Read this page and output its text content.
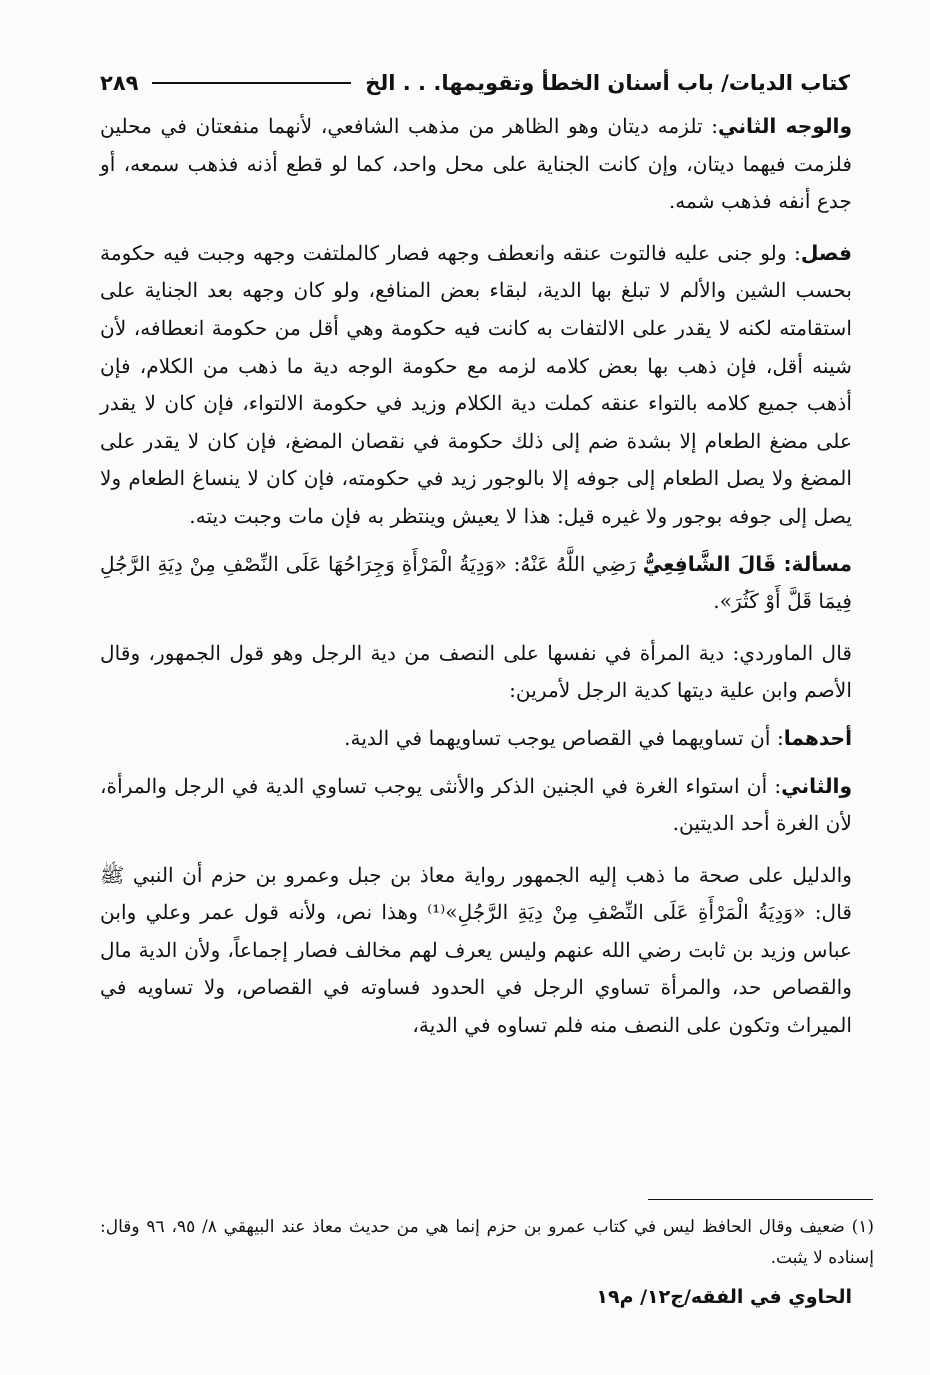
كتاب الديات/ باب أسنان الخطأ وتقويمها. . . الخ
٢٨٩

والوجه الثاني: تلزمه ديتان وهو الظاهر من مذهب الشافعي، لأنهما منفعتان في محلين فلزمت فيهما ديتان، وإن كانت الجناية على محل واحد، كما لو قطع أذنه فذهب سمعه، أو جدع أنفه فذهب شمه.

فصل: ولو جنى عليه فالتوت عنقه وانعطف وجهه فصار كالملتفت وجهه وجبت فيه حكومة بحسب الشين والألم لا تبلغ بها الدية، لبقاء بعض المنافع، ولو كان وجهه بعد الجناية على استقامته لكنه لا يقدر على الالتفات به كانت فيه حكومة وهي أقل من حكومة انعطافه، لأن شينه أقل، فإن ذهب بها بعض كلامه لزمه مع حكومة الوجه دية ما ذهب من الكلام، فإن أذهب جميع كلامه بالتواء عنقه كملت دية الكلام وزيد في حكومة الالتواء، فإن كان لا يقدر على مضغ الطعام إلا بشدة ضم إلى ذلك حكومة في نقصان المضغ، فإن كان لا يقدر على المضغ ولا يصل الطعام إلى جوفه إلا بالوجور زيد في حكومته، فإن كان لا ينساغ الطعام ولا يصل إلى جوفه بوجور ولا غيره قيل: هذا لا يعيش وينتظر به فإن مات وجبت ديته.

مسألة: قَالَ الشَّافِعِيُّ رَضِي اللَّهُ عَنْهُ: «وَدِيَةُ الْمَرْأَةِ وَجِرَاحُهَا عَلَى النِّصْفِ مِنْ دِيَةِ الرَّجُلِ فِيمَا قَلَّ أَوْ كَثُرَ».

قال الماوردي: دية المرأة في نفسها على النصف من دية الرجل وهو قول الجمهور، وقال الأصم وابن علية ديتها كدية الرجل لأمرين:

أحدهما: أن تساويهما في القصاص يوجب تساويهما في الدية.

والثاني: أن استواء الغرة في الجنين الذكر والأنثى يوجب تساوي الدية في الرجل والمرأة، لأن الغرة أحد الديتين.

والدليل على صحة ما ذهب إليه الجمهور رواية معاذ بن جبل وعمرو بن حزم أن النبي ﷺ قال: «وَدِيَةُ الْمَرْأَةِ عَلَى النِّصْفِ مِنْ دِيَةِ الرَّجُلِ»⁽¹⁾ وهذا نص، ولأنه قول عمر وعلي وابن عباس وزيد بن ثابت رضي الله عنهم وليس يعرف لهم مخالف فصار إجماعاً، ولأن الدية مال والقصاص حد، والمرأة تساوي الرجل في الحدود فساوته في القصاص، ولا تساويه في الميراث وتكون على النصف منه فلم تساوه في الدية،

(١) ضعيف وقال الحافظ ليس في كتاب عمرو بن حزم إنما هي من حديث معاذ عند البيهقي ٨/ ٩٥، ٩٦ وقال: إسناده لا يثبت.
الحاوي في الفقه/ج١٢/ م١٩
